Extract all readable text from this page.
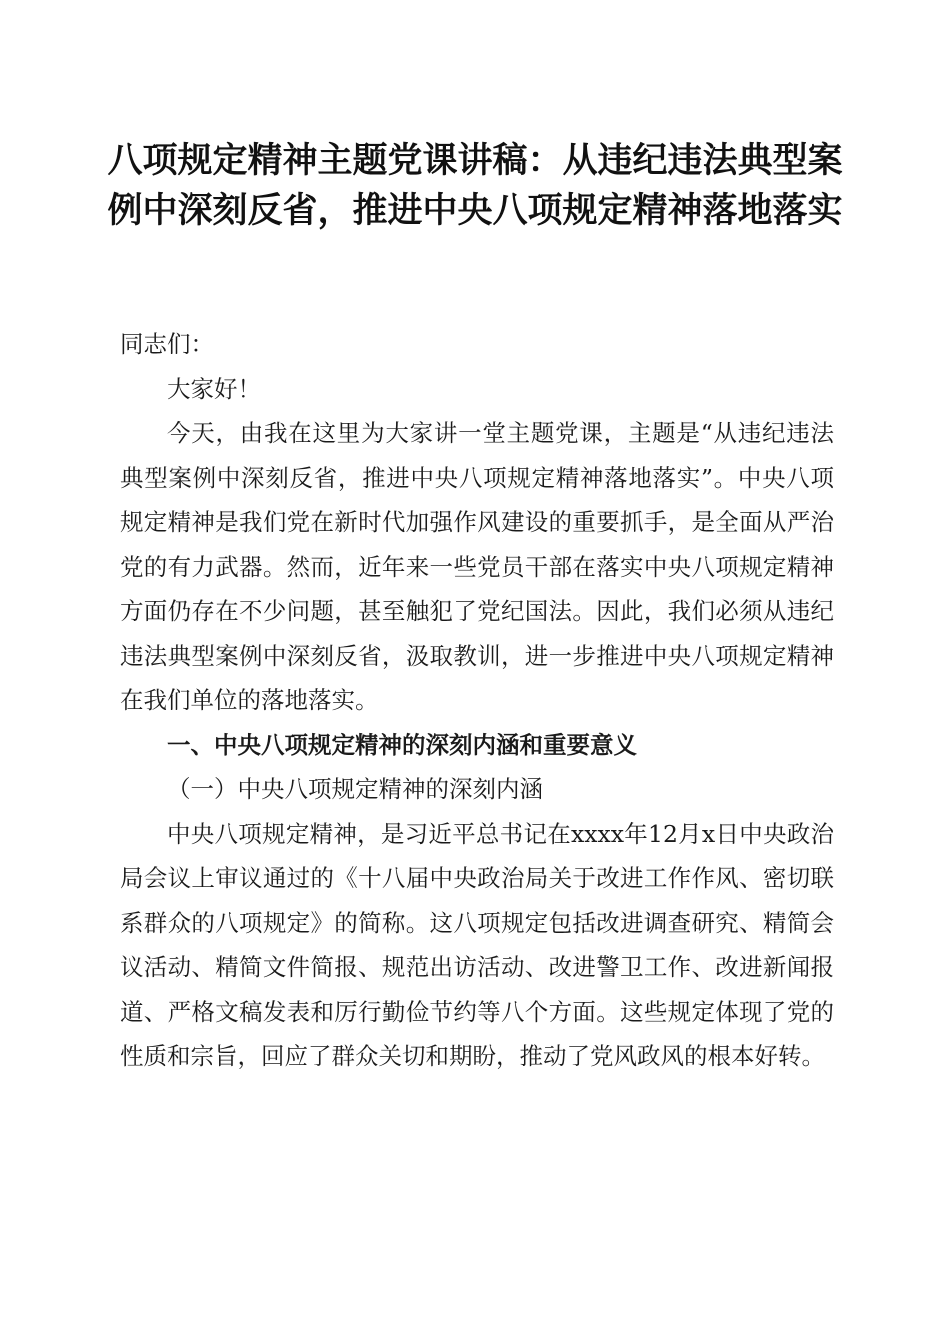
八项规定精神主题党课讲稿：从违纪违法典型案例中深刻反省，推进中央八项规定精神落地落实

同志们：

大家好！

今天，由我在这里为大家讲一堂主题党课，主题是“从违纪违法典型案例中深刻反省，推进中央八项规定精神落地落实”。中央八项规定精神是我们党在新时代加强作风建设的重要抓手，是全面从严治党的有力武器。然而，近年来一些党员干部在落实中央八项规定精神方面仍存在不少问题，甚至触犯了党纪国法。因此，我们必须从违纪违法典型案例中深刻反省，汲取教训，进一步推进中央八项规定精神在我们单位的落地落实。

一、中央八项规定精神的深刻内涵和重要意义

（一）中央八项规定精神的深刻内涵

中央八项规定精神，是习近平总书记在xxxx年12月x日中央政治局会议上审议通过的《十八届中央政治局关于改进工作作风、密切联系群众的八项规定》的简称。这八项规定包括改进调查研究、精简会议活动、精简文件简报、规范出访活动、改进警卫工作、改进新闻报道、严格文稿发表和厉行勤俭节约等八个方面。这些规定体现了党的性质和宗旨，回应了群众关切和期盼，推动了党风政风的根本好转。
